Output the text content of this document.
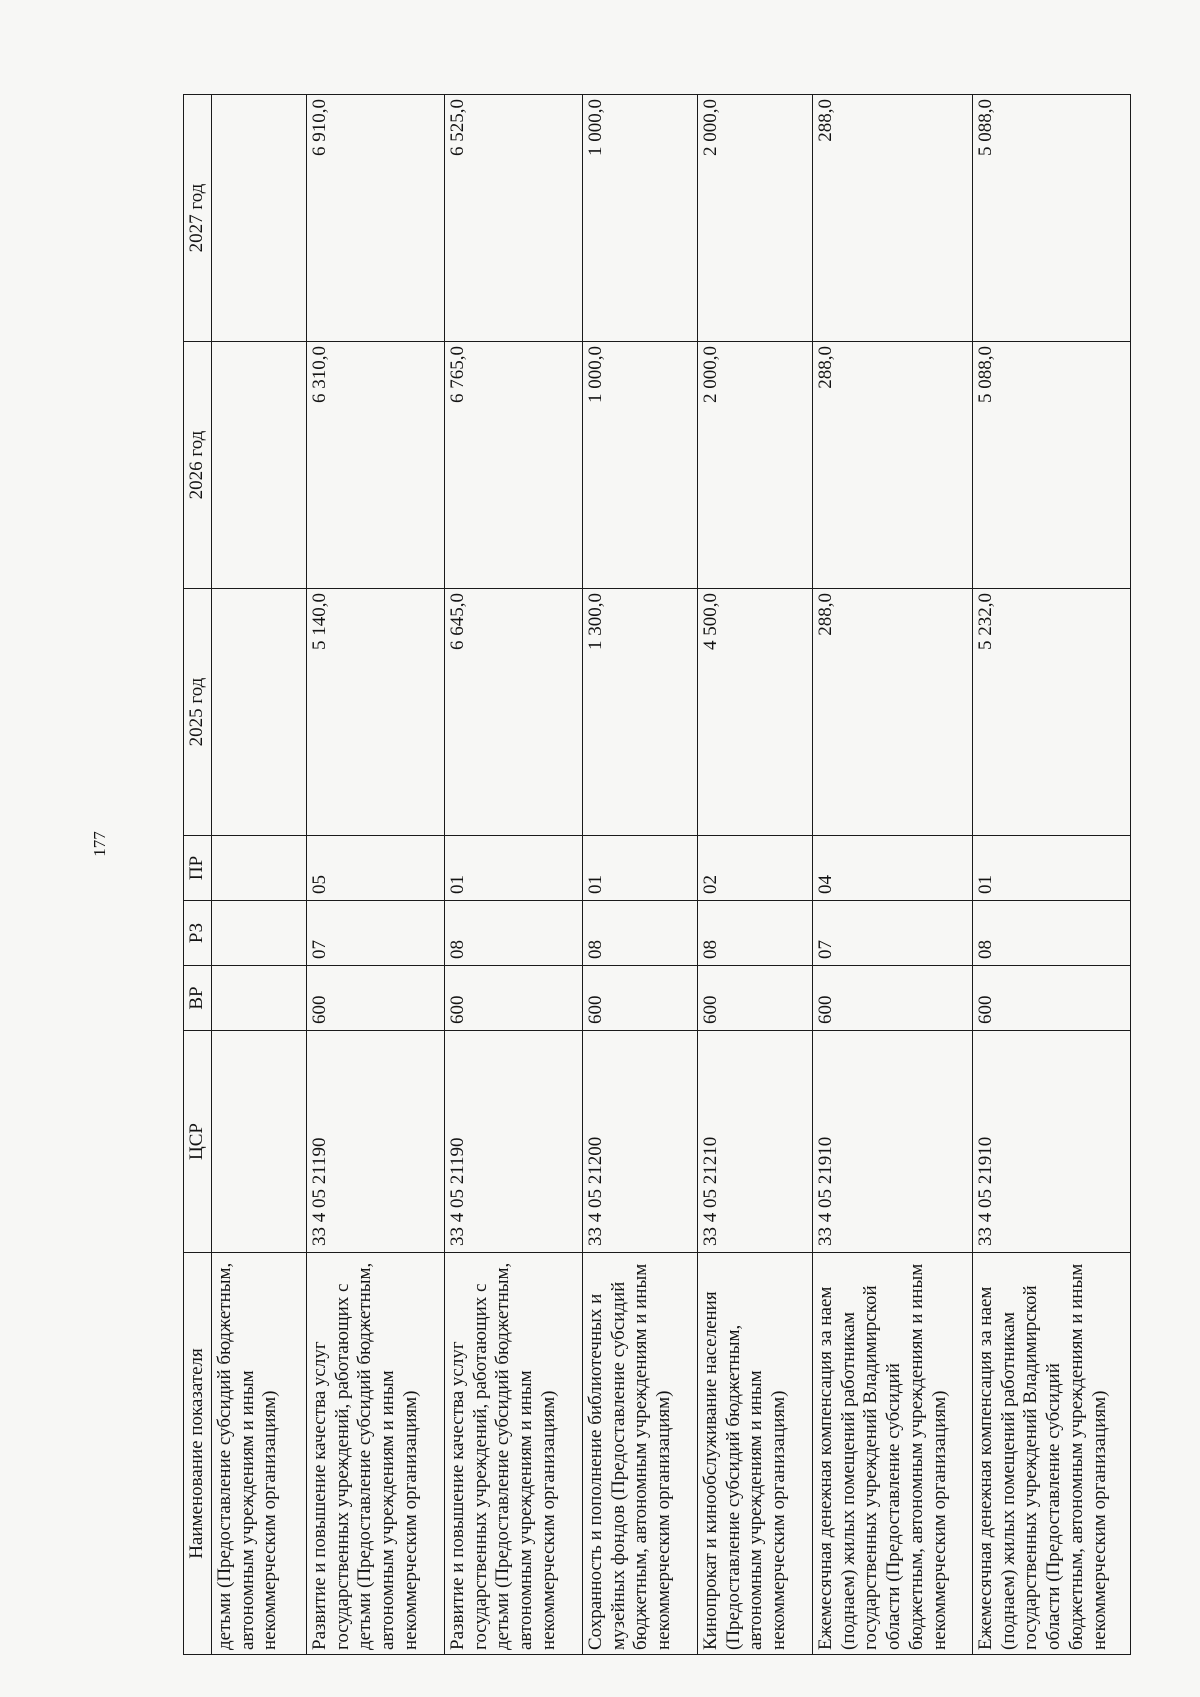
177
Наименование показателя	ЦСР	ВР	РЗ	ПР	2025 год	2026 год	2027 год
детьми (Предоставление субсидий бюджетным, автономным учреждениям и иным некоммерческим организациям)							
Развитие и повышение качества услуг государственных учреждений, работающих с детьми (Предоставление субсидий бюджетным, автономным учреждениям и иным некоммерческим организациям)	33 4 05 21190	600	07	05	5 140,0	6 310,0	6 910,0
Развитие и повышение качества услуг государственных учреждений, работающих с детьми (Предоставление субсидий бюджетным, автономным учреждениям и иным некоммерческим организациям)	33 4 05 21190	600	08	01	6 645,0	6 765,0	6 525,0
Сохранность и пополнение библиотечных и музейных фондов (Предоставление субсидий бюджетным, автономным учреждениям и иным некоммерческим организациям)	33 4 05 21200	600	08	01	1 300,0	1 000,0	1 000,0
Кинопрокат и кинообслуживание населения (Предоставление субсидий бюджетным, автономным учреждениям и иным некоммерческим организациям)	33 4 05 21210	600	08	02	4 500,0	2 000,0	2 000,0
Ежемесячная денежная компенсация за наем (поднаем) жилых помещений работникам государственных учреждений Владимирской области (Предоставление субсидий бюджетным, автономным учреждениям и иным некоммерческим организациям)	33 4 05 21910	600	07	04	288,0	288,0	288,0
Ежемесячная денежная компенсация за наем (поднаем) жилых помещений работникам государственных учреждений Владимирской области (Предоставление субсидий бюджетным, автономным учреждениям и иным некоммерческим организациям)	33 4 05 21910	600	08	01	5 232,0	5 088,0	5 088,0
